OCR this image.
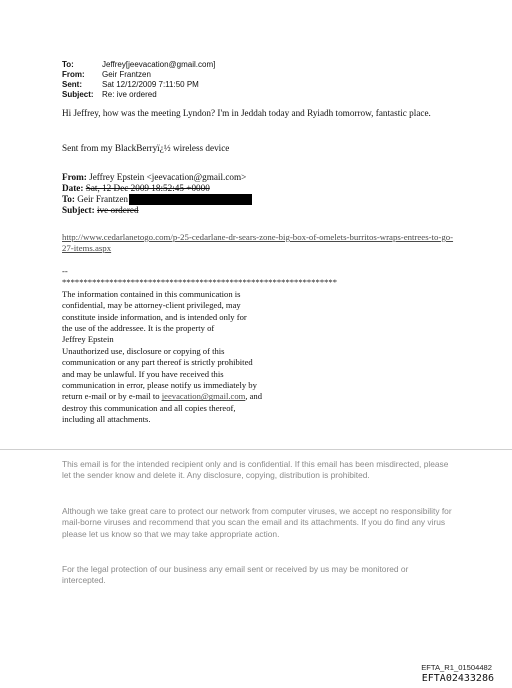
To:	Jeffrey[jeevacation@gmail.com]
From:	Geir Frantzen
Sent:	Sat 12/12/2009 7:11:50 PM
Subject:	Re: ive ordered
Hi Jeffrey, how was the meeting Lyndon? I'm in Jeddah today and Ryiadh tomorrow, fantastic place.
Sent from my BlackBerryï¿½ wireless device
From: Jeffrey Epstein <jeevacation@gmail.com>
Date: Sat, 12 Dec 2009 18:52:45 +0000
To: Geir Frantzen
Subject: ive ordered
http://www.cedarlanetogo.com/p-25-cedarlane-dr-sears-zone-big-box-of-omelets-burritos-wraps-entrees-to-go-27-items.aspx
--
****************************************************************
The information contained in this communication is
confidential, may be attorney-client privileged, may
constitute inside information, and is intended only for
the use of the addressee. It is the property of
Jeffrey Epstein
Unauthorized use, disclosure or copying of this
communication or any part thereof is strictly prohibited
and may be unlawful. If you have received this
communication in error, please notify us immediately by
return e-mail or by e-mail to jeevacation@gmail.com, and
destroy this communication and all copies thereof,
including all attachments.
This email is for the intended recipient only and is confidential. If this email has been misdirected, please let the sender know and delete it. Any disclosure, copying, distribution is prohibited.
Although we take great care to protect our network from computer viruses, we accept no responsibility for mail-borne viruses and recommend that you scan the email and its attachments. If you do find any virus please let us know so that we may take appropriate action.
For the legal protection of our business any email sent or received by us may be monitored or intercepted.
EFTA_R1_01504482
EFTA02433286
